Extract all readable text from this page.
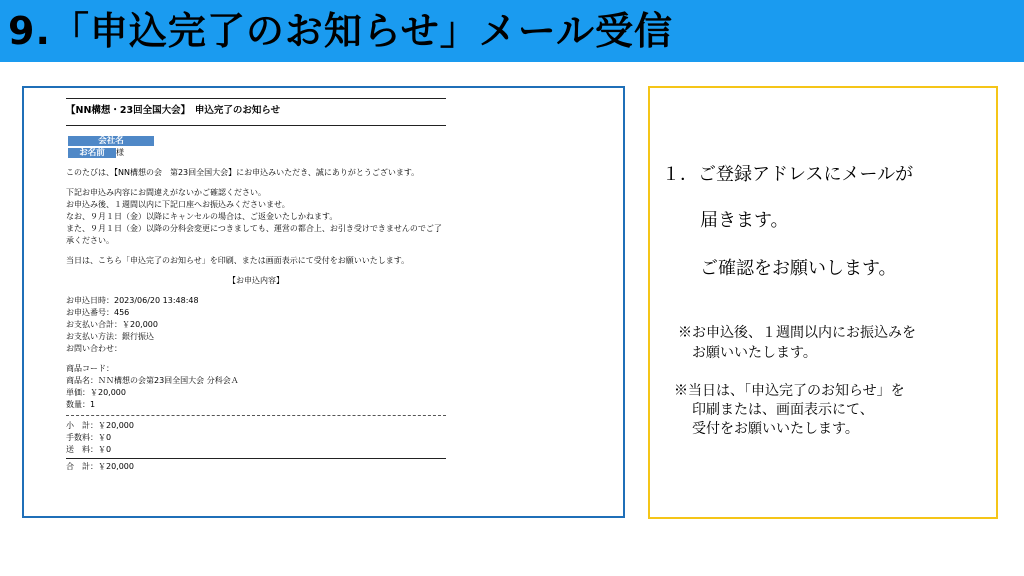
9.「申込完了のお知らせ」メール受信
【NN構想・23回全国大会】　申込完了のお知らせ
会社名
お名前 様
このたびは、【NN構想の会　第23回全国大会】にお申込みいただき、誠にありがとうございます。
下記お申込み内容にお間違えがないかご確認ください。
お申込み後、１週間以内に下記口座へお振込みくださいませ。
なお、９月１日（金）以降にキャンセルの場合は、ご返金いたしかねます。
また、９月１日（金）以降の分科会変更につきましても、運営の都合上、お引き受けできませんのでご了
承ください。
当日は、こちら「申込完了のお知らせ」を印刷、または画面表示にて受付をお願いいたします。
【お申込内容】
お申込日時：2023/06/20 13:48:48
お申込番号：456
お支払い合計：￥20,000
お支払い方法：銀行振込
お問い合わせ：
商品コード：
商品名：ＮＮ構想の会第23回全国大会 分科会Ａ
単価：￥20,000
数量：1
小　計：￥20,000
手数料：￥0
送　料：￥0
合　計：￥20,000
１．ご登録アドレスにメールが
届きます。
ご確認をお願いします。
※お申込後、１週間以内にお振込みを
お願いいたします。
※当日は、「申込完了のお知らせ」を
印刷または、画面表示にて、
受付をお願いいたします。
